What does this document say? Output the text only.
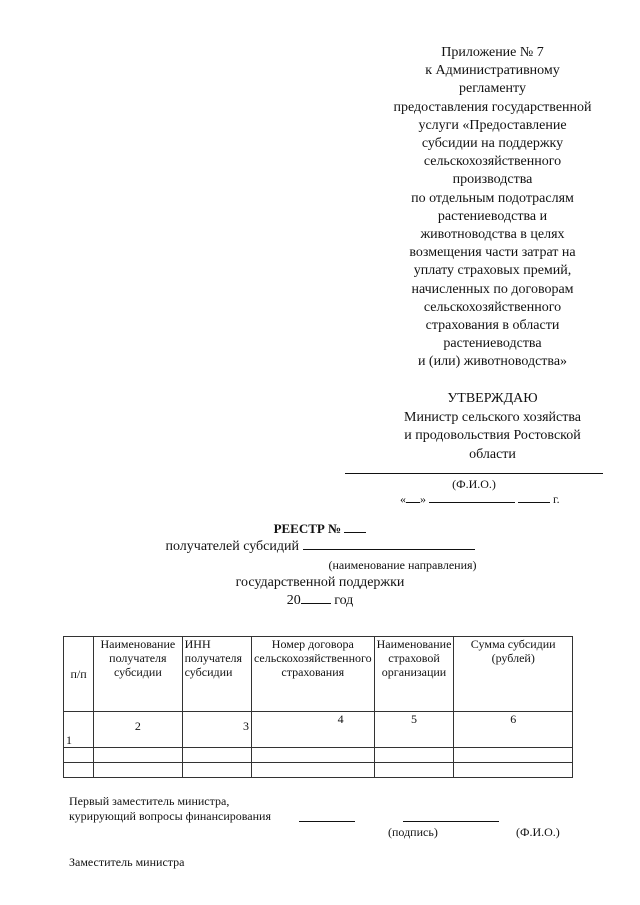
Приложение № 7
к Административному
регламенту
предоставления государственной
услуги «Предоставление
субсидии на поддержку
сельскохозяйственного
производства
по отдельным подотраслям
растениеводства и
животноводства в целях
возмещения части затрат на
уплату страховых премий,
начисленных по договорам
сельскохозяйственного
страхования в области
растениеводства
и (или) животноводства»
УТВЕРЖДАЮ
Министр сельского хозяйства
и продовольствия Ростовской
области
(Ф.И.О.)
« »	г.
РЕЕСТР №
получателей субсидий
(наименование направления)
государственной поддержки
20 год
п/п	Наименование получателя субсидии	ИНН получателя субсидии	Номер договора сельскохозяйственного страхования	Наименование страховой организации	Сумма субсидии (рублей)
1	2	3	4	5	6

Первый заместитель министра,
курирующий вопросы финансирования
(подпись)	(Ф.И.О.)
Заместитель министра
